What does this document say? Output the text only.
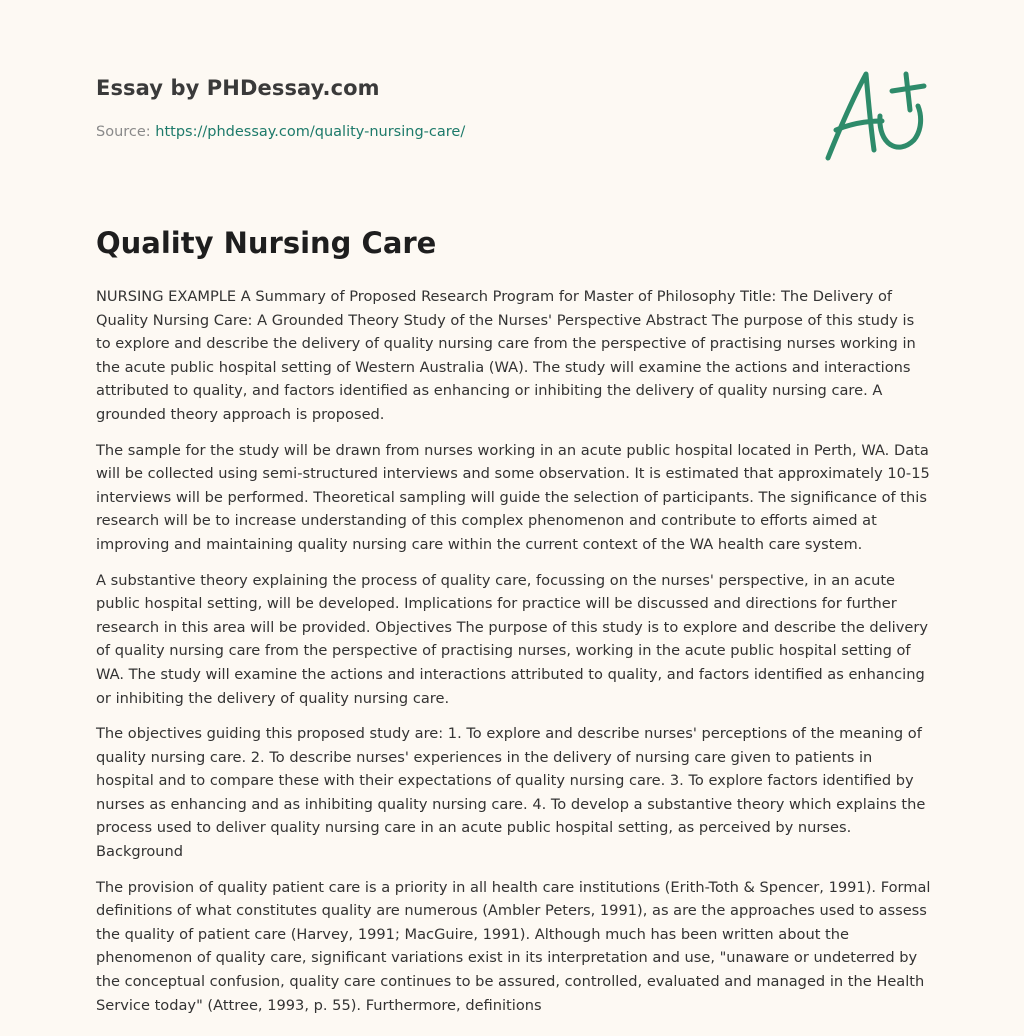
Essay by PHDessay.com
Source: https://phdessay.com/quality-nursing-care/
Quality Nursing Care

NURSING EXAMPLE A Summary of Proposed Research Program for Master of Philosophy Title: The Delivery of Quality Nursing Care: A Grounded Theory Study of the Nurses' Perspective Abstract The purpose of this study is to explore and describe the delivery of quality nursing care from the perspective of practising nurses working in the acute public hospital setting of Western Australia (WA). The study will examine the actions and interactions attributed to quality, and factors identified as enhancing or inhibiting the delivery of quality nursing care. A grounded theory approach is proposed.

The sample for the study will be drawn from nurses working in an acute public hospital located in Perth, WA. Data will be collected using semi-structured interviews and some observation. It is estimated that approximately 10-15 interviews will be performed. Theoretical sampling will guide the selection of participants. The significance of this research will be to increase understanding of this complex phenomenon and contribute to efforts aimed at improving and maintaining quality nursing care within the current context of the WA health care system.

A substantive theory explaining the process of quality care, focussing on the nurses' perspective, in an acute public hospital setting, will be developed. Implications for practice will be discussed and directions for further research in this area will be provided. Objectives The purpose of this study is to explore and describe the delivery of quality nursing care from the perspective of practising nurses, working in the acute public hospital setting of WA. The study will examine the actions and interactions attributed to quality, and factors identified as enhancing or inhibiting the delivery of quality nursing care.

The objectives guiding this proposed study are: 1. To explore and describe nurses' perceptions of the meaning of quality nursing care. 2. To describe nurses' experiences in the delivery of nursing care given to patients in hospital and to compare these with their expectations of quality nursing care. 3. To explore factors identified by nurses as enhancing and as inhibiting quality nursing care. 4. To develop a substantive theory which explains the process used to deliver quality nursing care in an acute public hospital setting, as perceived by nurses. Background

The provision of quality patient care is a priority in all health care institutions (Erith-Toth & Spencer, 1991). Formal definitions of what constitutes quality are numerous (Ambler Peters, 1991), as are the approaches used to assess the quality of patient care (Harvey, 1991; MacGuire, 1991). Although much has been written about the phenomenon of quality care, significant variations exist in its interpretation and use, "unaware or undeterred by the conceptual confusion, quality care continues to be assured, controlled, evaluated and managed in the Health Service today" (Attree, 1993, p. 55). Furthermore, definitions
